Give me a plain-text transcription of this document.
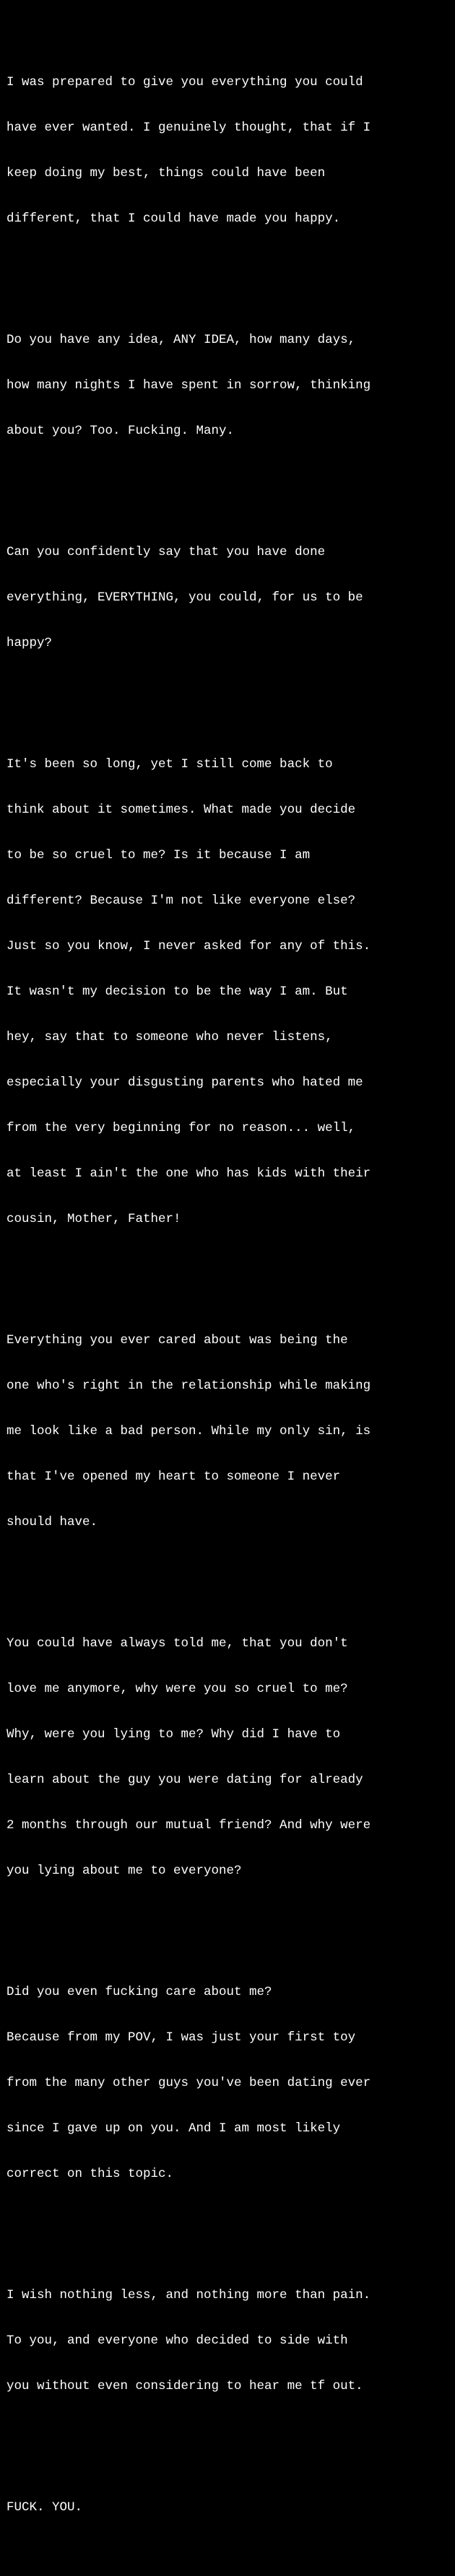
I was prepared to give you everything you could

have ever wanted. I genuinely thought, that if I

keep doing my best, things could have been

different, that I could have made you happy.

Do you have any idea, ANY IDEA, how many days,

how many nights I have spent in sorrow, thinking

about you? Too. Fucking. Many.

Can you confidently say that you have done

everything, EVERYTHING, you could, for us to be

happy?

It's been so long, yet I still come back to

think about it sometimes. What made you decide

to be so cruel to me? Is it because I am

different? Because I'm not like everyone else?

Just so you know, I never asked for any of this.

It wasn't my decision to be the way I am. But

hey, say that to someone who never listens,

especially your disgusting parents who hated me

from the very beginning for no reason... well,

at least I ain't the one who has kids with their

cousin, Mother, Father!

Everything you ever cared about was being the

one who's right in the relationship while making

me look like a bad person. While my only sin, is

that I've opened my heart to someone I never

should have.

You could have always told me, that you don't

love me anymore, why were you so cruel to me?

Why, were you lying to me? Why did I have to

learn about the guy you were dating for already

2 months through our mutual friend? And why were

you lying about me to everyone?

Did you even fucking care about me?

Because from my POV, I was just your first toy

from the many other guys you've been dating ever

since I gave up on you. And I am most likely

correct on this topic.

I wish nothing less, and nothing more than pain.

To you, and everyone who decided to side with

you without even considering to hear me tf out.

FUCK. YOU.
